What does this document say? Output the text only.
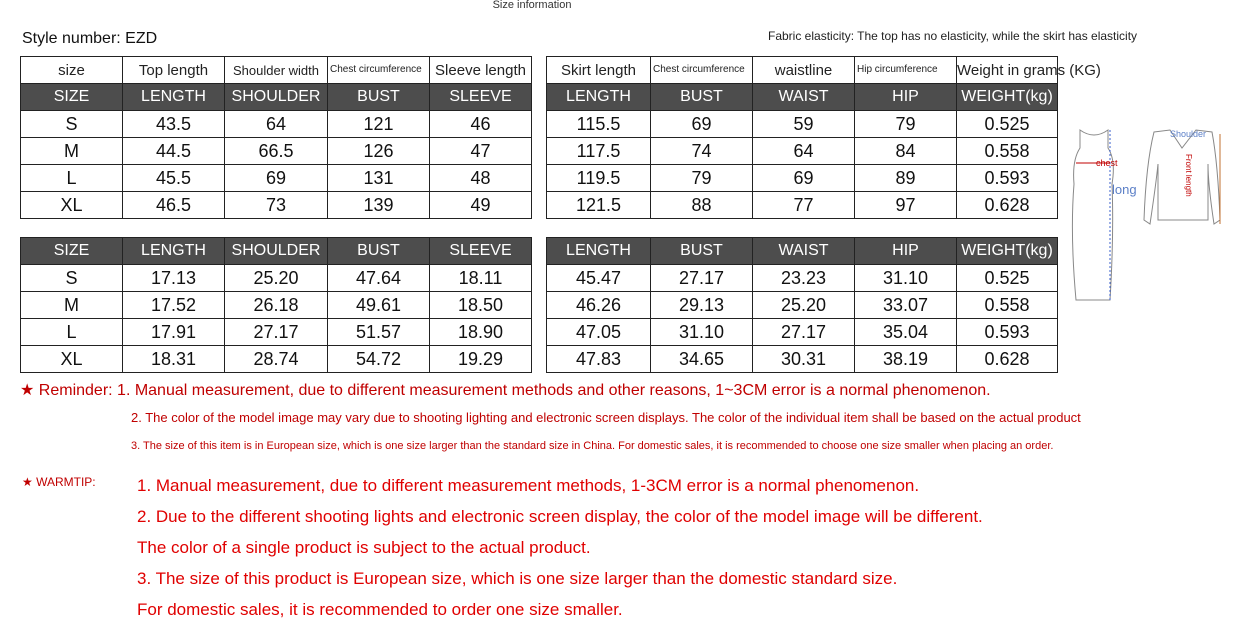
Size information
Style number: EZD	Fabric elasticity: The top has no elasticity, while the skirt has elasticity
size	Top length	Shoulder width	Chest circumference	Sleeve length		Skirt length	Chest circumference	waistline	Hip circumference	Weight in grams (KG)
SIZE	LENGTH	SHOULDER	BUST	SLEEVE		LENGTH	BUST	WAIST	HIP	WEIGHT(kg)
S	43.5	64	121	46		115.5	69	59	79	0.525
M	44.5	66.5	126	47		117.5	74	64	84	0.558
L	45.5	69	131	48		119.5	79	69	89	0.593
XL	46.5	73	139	49		121.5	88	77	97	0.628
SIZE	LENGTH	SHOULDER	BUST	SLEEVE		LENGTH	BUST	WAIST	HIP	WEIGHT(kg)
S	17.13	25.20	47.64	18.11		45.47	27.17	23.23	31.10	0.525
M	17.52	26.18	49.61	18.50		46.26	29.13	25.20	33.07	0.558
L	17.91	27.17	51.57	18.90		47.05	31.10	27.17	35.04	0.593
XL	18.31	28.74	54.72	19.29		47.83	34.65	30.31	38.19	0.628
chest
long
Shoulder
Front length
★ Reminder: 1. Manual measurement, due to different measurement methods and other reasons, 1~3CM error is a normal phenomenon.
2. The color of the model image may vary due to shooting lighting and electronic screen displays. The color of the individual item shall be based on the actual product
3. The size of this item is in European size, which is one size larger than the standard size in China. For domestic sales, it is recommended to choose one size smaller when placing an order.
★ WARMTIP: 1. Manual measurement, due to different measurement methods, 1-3CM error is a normal phenomenon.
2. Due to the different shooting lights and electronic screen display, the color of the model image will be different.
The color of a single product is subject to the actual product.
3. The size of this product is European size, which is one size larger than the domestic standard size.
For domestic sales, it is recommended to order one size smaller.
